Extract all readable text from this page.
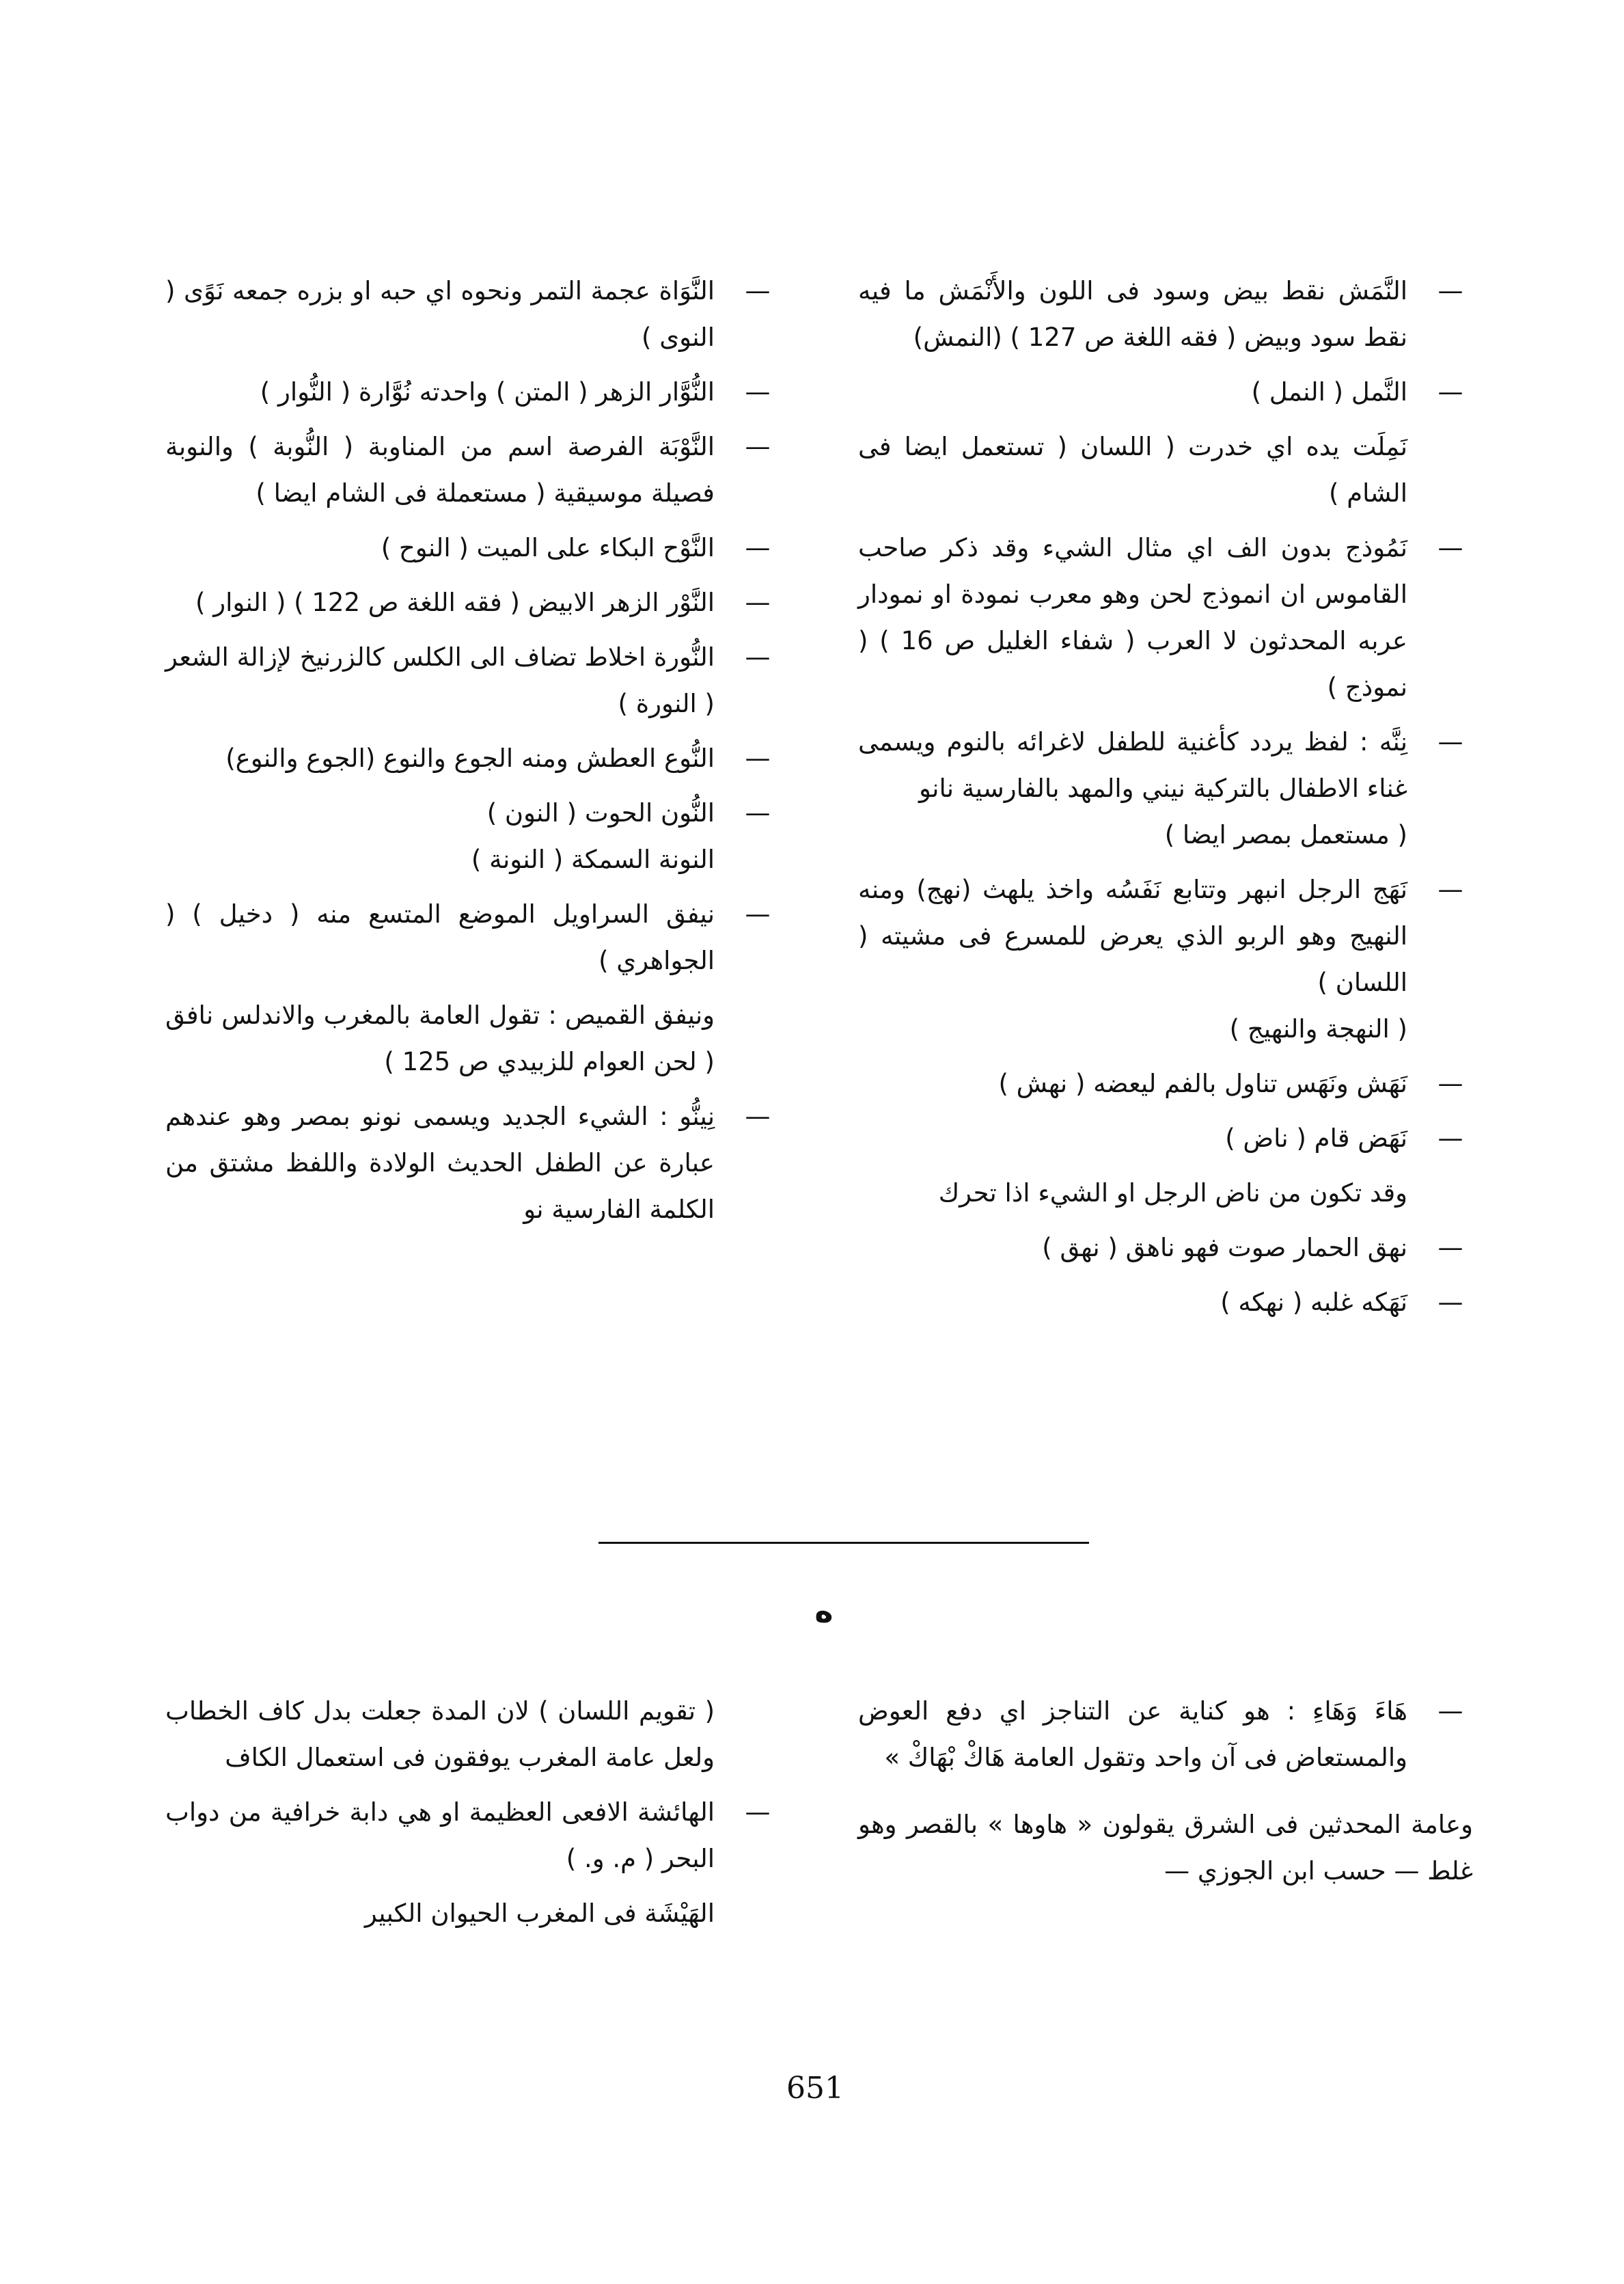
—
النَّمَش نقط بيض وسود فى اللون والأَنْمَش ما فيه نقط سود وبيض ( فقه اللغة ص 127 ) (النمش)
—
النَّمل ( النمل )
نَمِلَت يده اي خدرت ( اللسان ( تستعمل ايضا فى الشام )
—
نَمُوذج بدون الف اي مثال الشيء وقد ذكر صاحب القاموس ان انموذج لحن وهو معرب نمودة او نمودار عربه المحدثون لا العرب ( شفاء الغليل ص 16 ) ( نموذج )
—
نِنَّه : لفظ يردد كأغنية للطفل لاغرائه بالنوم ويسمى غناء الاطفال بالتركية نيني والمهد بالفارسية نانو
( مستعمل بمصر ايضا )
—
نَهَج الرجل انبهر وتتابع نَفَسُه واخذ يلهث (نهج) ومنه النهيج وهو الربو الذي يعرض للمسرع فى مشيته ( اللسان )
( النهجة والنهيج )
—
نَهَش ونَهَس تناول بالفم ليعضه ( نهش )
—
نَهَض قام ( ناض )
وقد تكون من ناض الرجل او الشيء اذا تحرك
—
نهق الحمار صوت فهو ناهق ( نهق )
—
نَهَكه غلبه ( نهكه )
—
النَّوَاة عجمة التمر ونحوه اي حبه او بزره جمعه نَوًى ( النوى )
—
النُّوَّار الزهر ( المتن ) واحدته نُوَّارة ( النُّوار )
—
النَّوْبَة الفرصة اسم من المناوبة ( النُّوبة ) والنوبة فصيلة موسيقية ( مستعملة فى الشام ايضا )
—
النَّوْح البكاء على الميت ( النوح )
—
النَّوْر الزهر الابيض ( فقه اللغة ص 122 ) ( النوار )
—
النُّورة اخلاط تضاف الى الكلس كالزرنيخ لإزالة الشعر ( النورة )
—
النُّوع العطش ومنه الجوع والنوع (الجوع والنوع)
—
النُّون الحوت ( النون )
النونة السمكة ( النونة )
—
نيفق السراويل الموضع المتسع منه ( دخيل ) ( الجواهري )
ونيفق القميص : تقول العامة بالمغرب والاندلس نافق ( لحن العوام للزبيدي ص 125 )
—
نِينُّو : الشيء الجديد ويسمى نونو بمصر وهو عندهم عبارة عن الطفل الحديث الولادة واللفظ مشتق من الكلمة الفارسية نو
ه
—
هَاءَ وَهَاءِ : هو كناية عن التناجز اي دفع العوض والمستعاض فى آن واحد وتقول العامة هَاكْ بْهَاكْ »
وعامة المحدثين فى الشرق يقولون « هاوها » بالقصر وهو غلط — حسب ابن الجوزي —
( تقويم اللسان ) لان المدة جعلت بدل كاف الخطاب ولعل عامة المغرب يوفقون فى استعمال الكاف
—
الهائشة الافعى العظيمة او هي دابة خرافية من دواب البحر ( م. و. )
الهَيْشَة فى المغرب الحيوان الكبير
651
